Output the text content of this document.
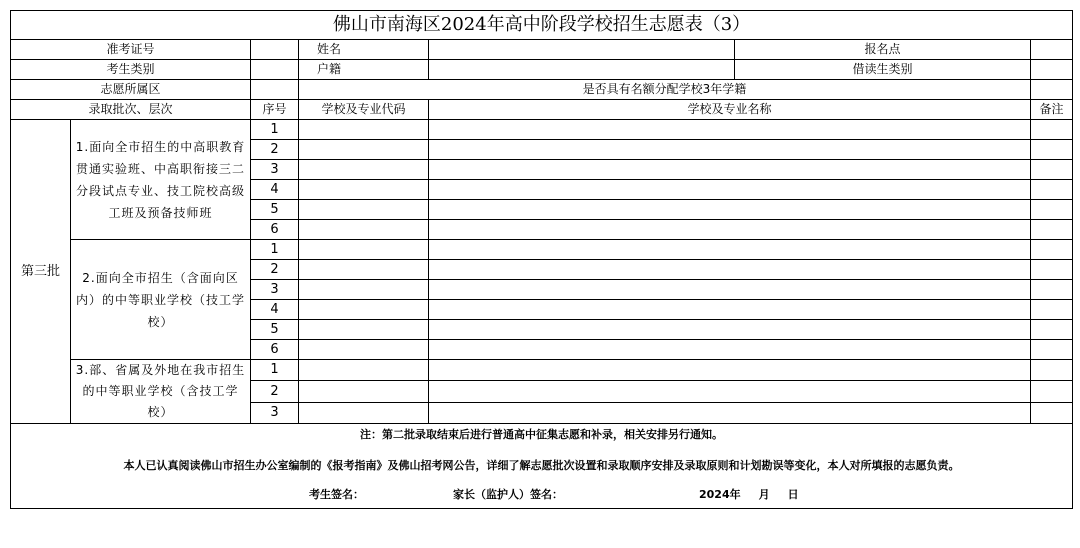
佛山市南海区2024年高中阶段学校招生志愿表（3）						
准考证号			姓名		报名点	
考生类别			户籍		借读生类别	
志愿所属区			是否具有名额分配学校3年学籍			
录取批次、层次		序号	学校及专业代码	学校及专业名称		备注
第三批	1.面向全市招生的中高职教育贯通实验班、中高职衔接三二分段试点专业、技工院校高级工班及预备技师班	1				
		2				
		3				
		4				
		5				
		6				
	2.面向全市招生（含面向区内）的中等职业学校（技工学校）	1				
		2				
		3				
		4				
		5				
		6				
	3.部、省属及外地在我市招生的中等职业学校（含技工学校）	1				
		2				
		3				

注：第二批录取结束后进行普通高中征集志愿和补录，相关安排另行通知。
本人已认真阅读佛山市招生办公室编制的《报考指南》及佛山招考网公告，详细了解志愿批次设置和录取顺序安排及录取原则和计划勘误等变化，本人对所填报的志愿负责。
考生签名： 家长（监护人）签名： 2024年 月 日						
